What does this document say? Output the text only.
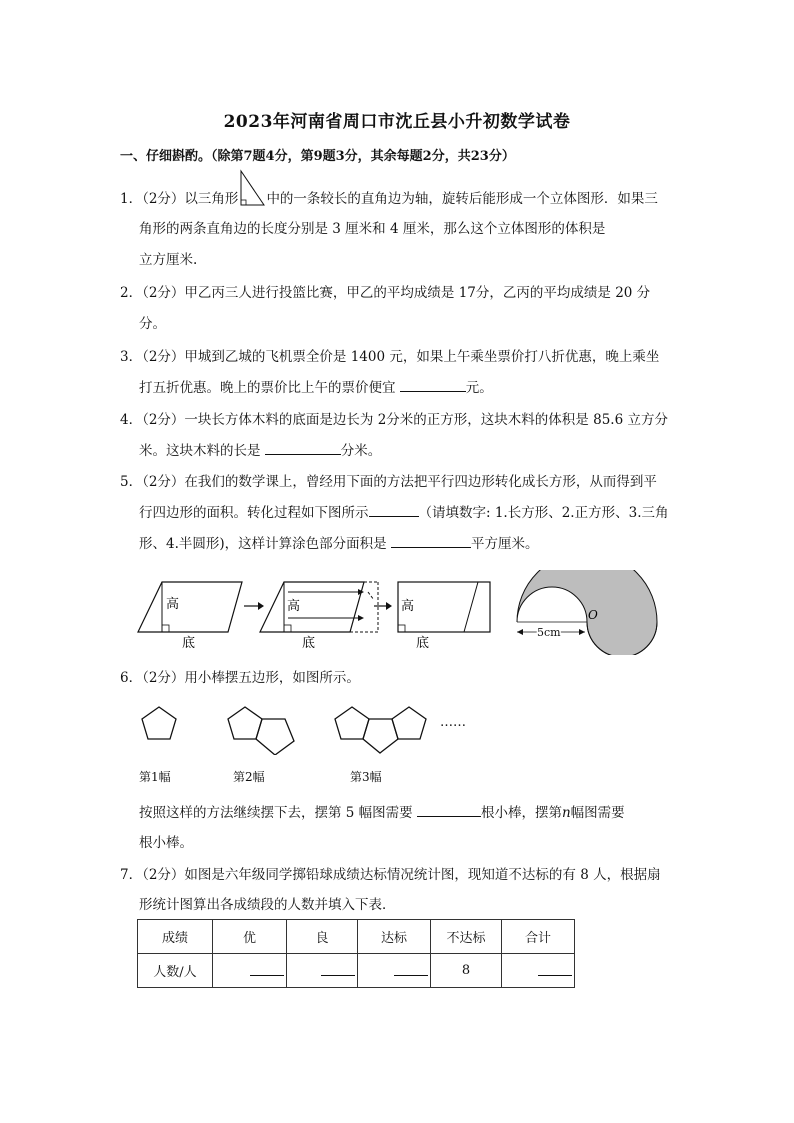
2023年河南省周口市沈丘县小升初数学试卷
一、仔细斟酌。（除第7题4分，第9题3分，其余每题2分，共23分）
1．（2分）以三角形 中的一条较长的直角边为轴，旋转后能形成一个立体图形．如果三
角形的两条直角边的长度分别是 3 厘米和 4 厘米，那么这个立体图形的体积是
立方厘米.
2．（2分）甲乙丙三人进行投篮比赛，甲乙的平均成绩是 17分，乙丙的平均成绩是 20 分
分。
3．（2分）甲城到乙城的飞机票全价是 1400 元，如果上午乘坐票价打八折优惠，晚上乘坐
打五折优惠。晚上的票价比上午的票价便宜	元。
4．（2分）一块长方体木料的底面是边长为 2分米的正方形，这块木料的体积是 85.6 立方分
米。这块木料的长是	分米。
5．（2分）在我们的数学课上，曾经用下面的方法把平行四边形转化成长方形，从而得到平
行四边形的面积。转化过程如下图所示	（请填数字: 1.长方形、2.正方形、3.三角
形、4.半圆形)，这样计算涂色部分面积是	平方厘米。
高
底
高
底
高
底
O
5cm
6．（2分）用小棒摆五边形，如图所示。
……
第1幅	第2幅	第3幅
按照这样的方法继续摆下去，摆第 5 幅图需要	根小棒，摆第n幅图需要
根小棒。
7．（2分）如图是六年级同学掷铅球成绩达标情况统计图，现知道不达标的有 8 人，根据扇
形统计图算出各成绩段的人数并填入下表．
成绩	优	良	达标	不达标	合计
人数/人				8	
